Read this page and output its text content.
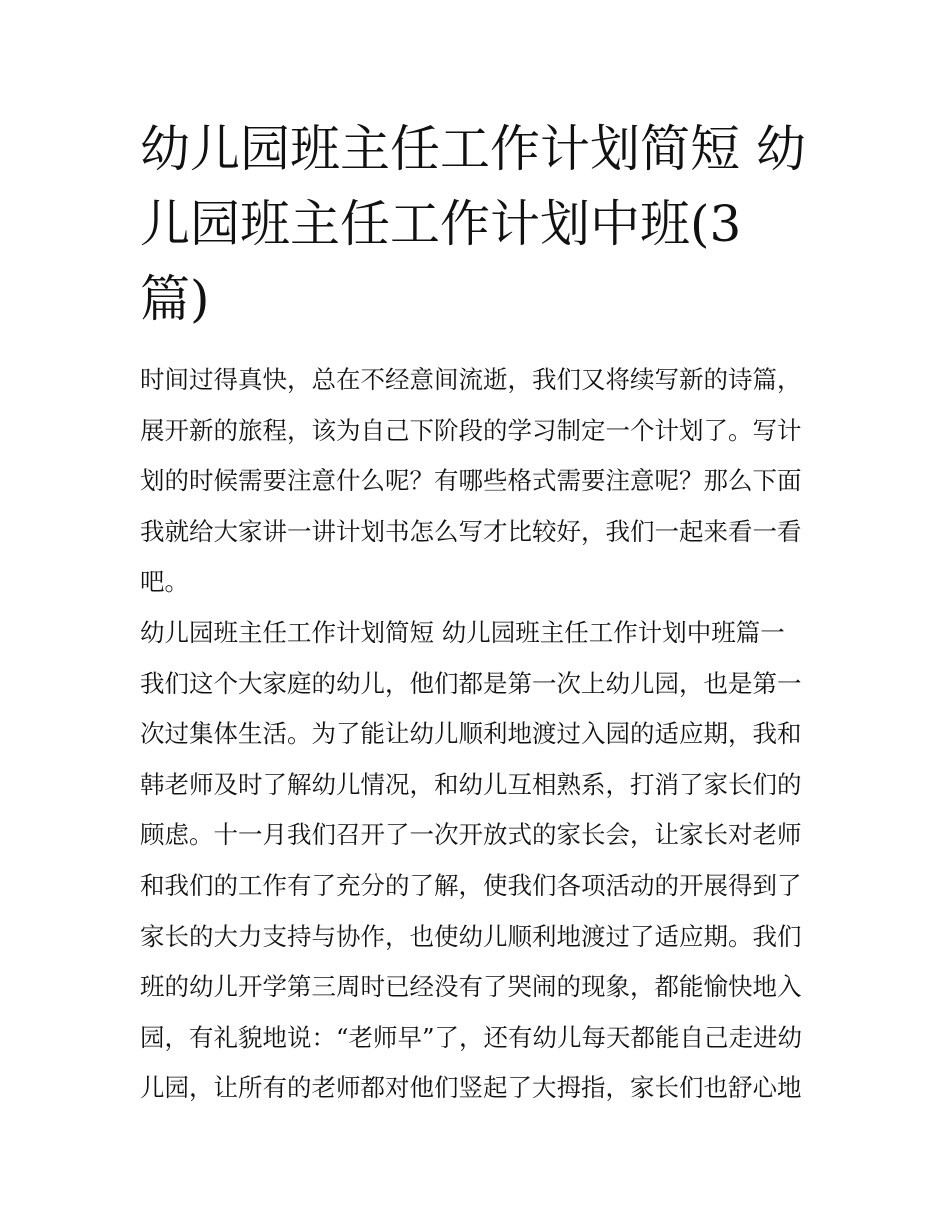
幼儿园班主任工作计划简短 幼
儿园班主任工作计划中班(3
篇)
时间过得真快，总在不经意间流逝，我们又将续写新的诗篇，
展开新的旅程，该为自己下阶段的学习制定一个计划了。写计
划的时候需要注意什么呢？有哪些格式需要注意呢？那么下面
我就给大家讲一讲计划书怎么写才比较好，我们一起来看一看
吧。
幼儿园班主任工作计划简短 幼儿园班主任工作计划中班篇一
我们这个大家庭的幼儿，他们都是第一次上幼儿园，也是第一
次过集体生活。为了能让幼儿顺利地渡过入园的适应期，我和
韩老师及时了解幼儿情况，和幼儿互相熟系，打消了家长们的
顾虑。十一月我们召开了一次开放式的家长会，让家长对老师
和我们的工作有了充分的了解，使我们各项活动的开展得到了
家长的大力支持与协作，也使幼儿顺利地渡过了适应期。我们
班的幼儿开学第三周时已经没有了哭闹的现象，都能愉快地入
园，有礼貌地说：“老师早”了，还有幼儿每天都能自己走进幼
儿园，让所有的老师都对他们竖起了大拇指，家长们也舒心地
